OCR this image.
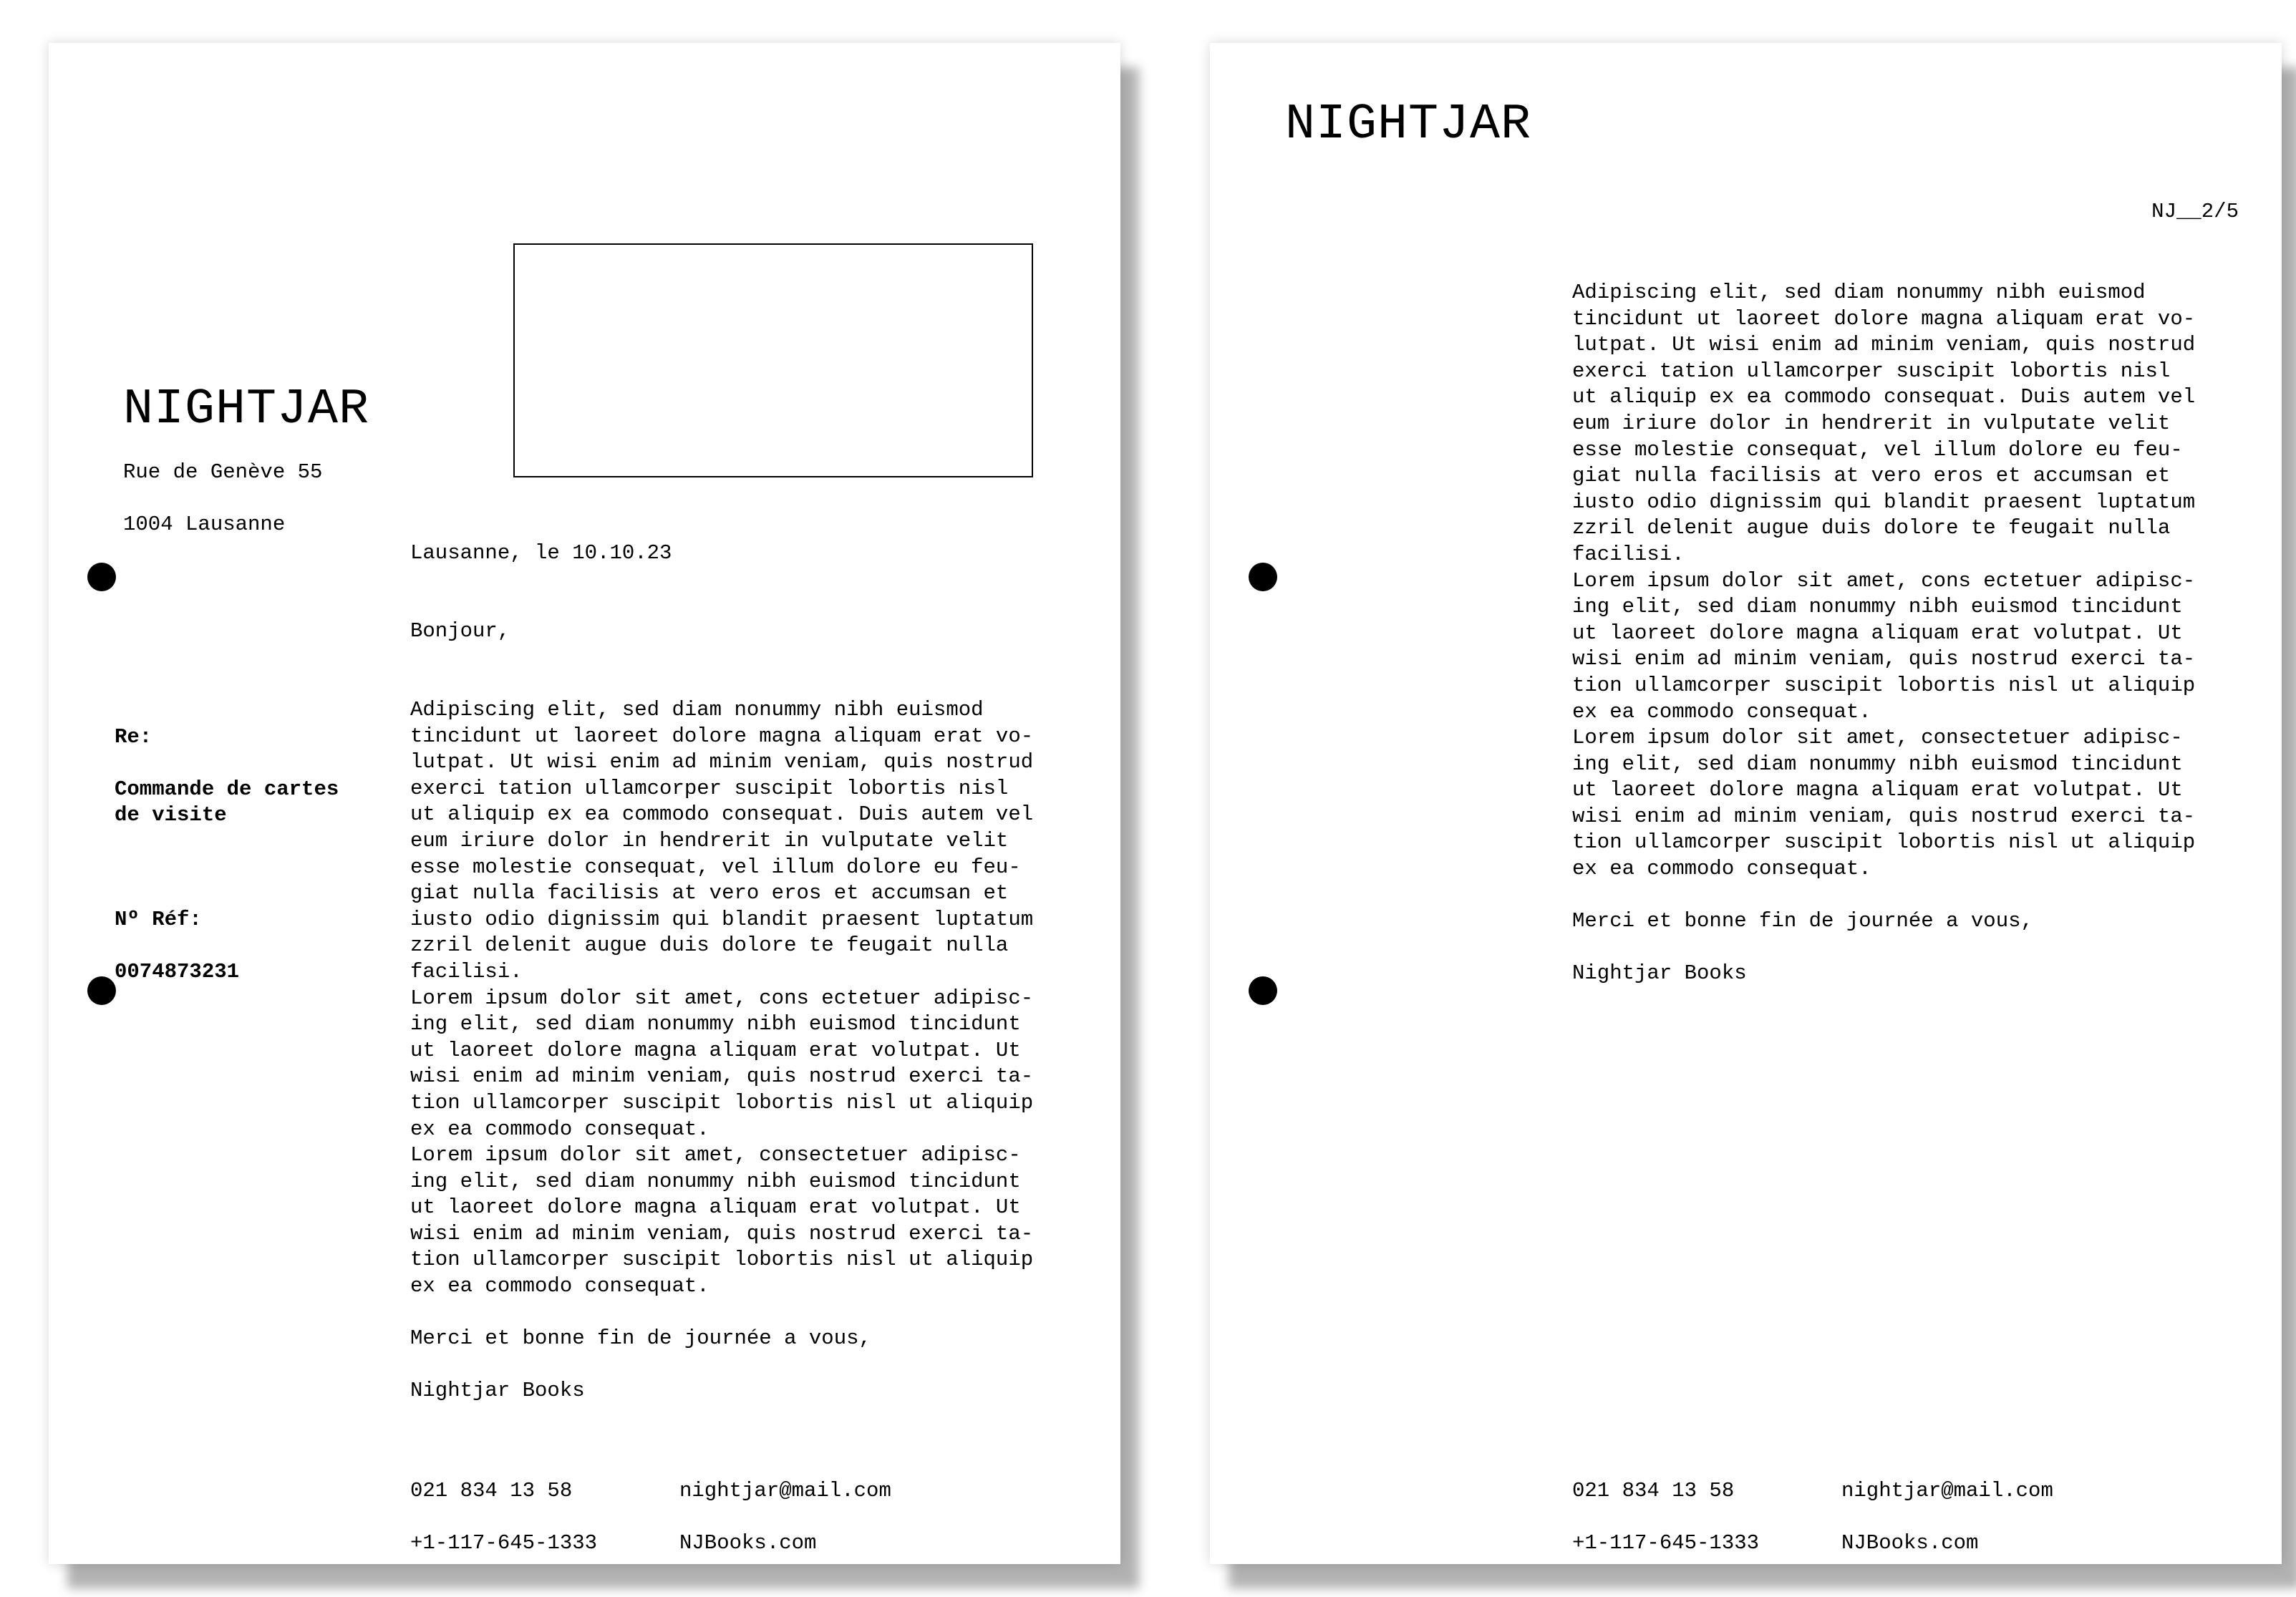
NIGHTJAR

Rue de Genève 55

1004 Lausanne

Re:

Commande de cartes
de visite

Nº Réf:

0074873231

Lausanne, le 10.10.23
Bonjour,

Adipiscing elit, sed diam nonummy nibh euismod
tincidunt ut laoreet dolore magna aliquam erat vo-
lutpat. Ut wisi enim ad minim veniam, quis nostrud
exerci tation ullamcorper suscipit lobortis nisl
ut aliquip ex ea commodo consequat. Duis autem vel
eum iriure dolor in hendrerit in vulputate velit
esse molestie consequat, vel illum dolore eu feu-
giat nulla facilisis at vero eros et accumsan et
iusto odio dignissim qui blandit praesent luptatum
zzril delenit augue duis dolore te feugait nulla
facilisi.

Lorem ipsum dolor sit amet, cons ectetuer adipisc-
ing elit, sed diam nonummy nibh euismod tincidunt
ut laoreet dolore magna aliquam erat volutpat. Ut
wisi enim ad minim veniam, quis nostrud exerci ta-
tion ullamcorper suscipit lobortis nisl ut aliquip
ex ea commodo consequat.

Lorem ipsum dolor sit amet, consectetuer adipisc-
ing elit, sed diam nonummy nibh euismod tincidunt
ut laoreet dolore magna aliquam erat volutpat. Ut
wisi enim ad minim veniam, quis nostrud exerci ta-
tion ullamcorper suscipit lobortis nisl ut aliquip
ex ea commodo consequat.

Merci et bonne fin de journée a vous,

Nightjar Books

021 834 13 58

+1-117-645-1333

nightjar@mail.com

NJBooks.com

NIGHTJAR
NJ__2/5

Adipiscing elit, sed diam nonummy nibh euismod
tincidunt ut laoreet dolore magna aliquam erat vo-
lutpat. Ut wisi enim ad minim veniam, quis nostrud
exerci tation ullamcorper suscipit lobortis nisl
ut aliquip ex ea commodo consequat. Duis autem vel
eum iriure dolor in hendrerit in vulputate velit
esse molestie consequat, vel illum dolore eu feu-
giat nulla facilisis at vero eros et accumsan et
iusto odio dignissim qui blandit praesent luptatum
zzril delenit augue duis dolore te feugait nulla
facilisi.

Lorem ipsum dolor sit amet, cons ectetuer adipisc-
ing elit, sed diam nonummy nibh euismod tincidunt
ut laoreet dolore magna aliquam erat volutpat. Ut
wisi enim ad minim veniam, quis nostrud exerci ta-
tion ullamcorper suscipit lobortis nisl ut aliquip
ex ea commodo consequat.

Lorem ipsum dolor sit amet, consectetuer adipisc-
ing elit, sed diam nonummy nibh euismod tincidunt
ut laoreet dolore magna aliquam erat volutpat. Ut
wisi enim ad minim veniam, quis nostrud exerci ta-
tion ullamcorper suscipit lobortis nisl ut aliquip
ex ea commodo consequat.

Merci et bonne fin de journée a vous,

Nightjar Books

021 834 13 58

+1-117-645-1333

nightjar@mail.com

NJBooks.com
